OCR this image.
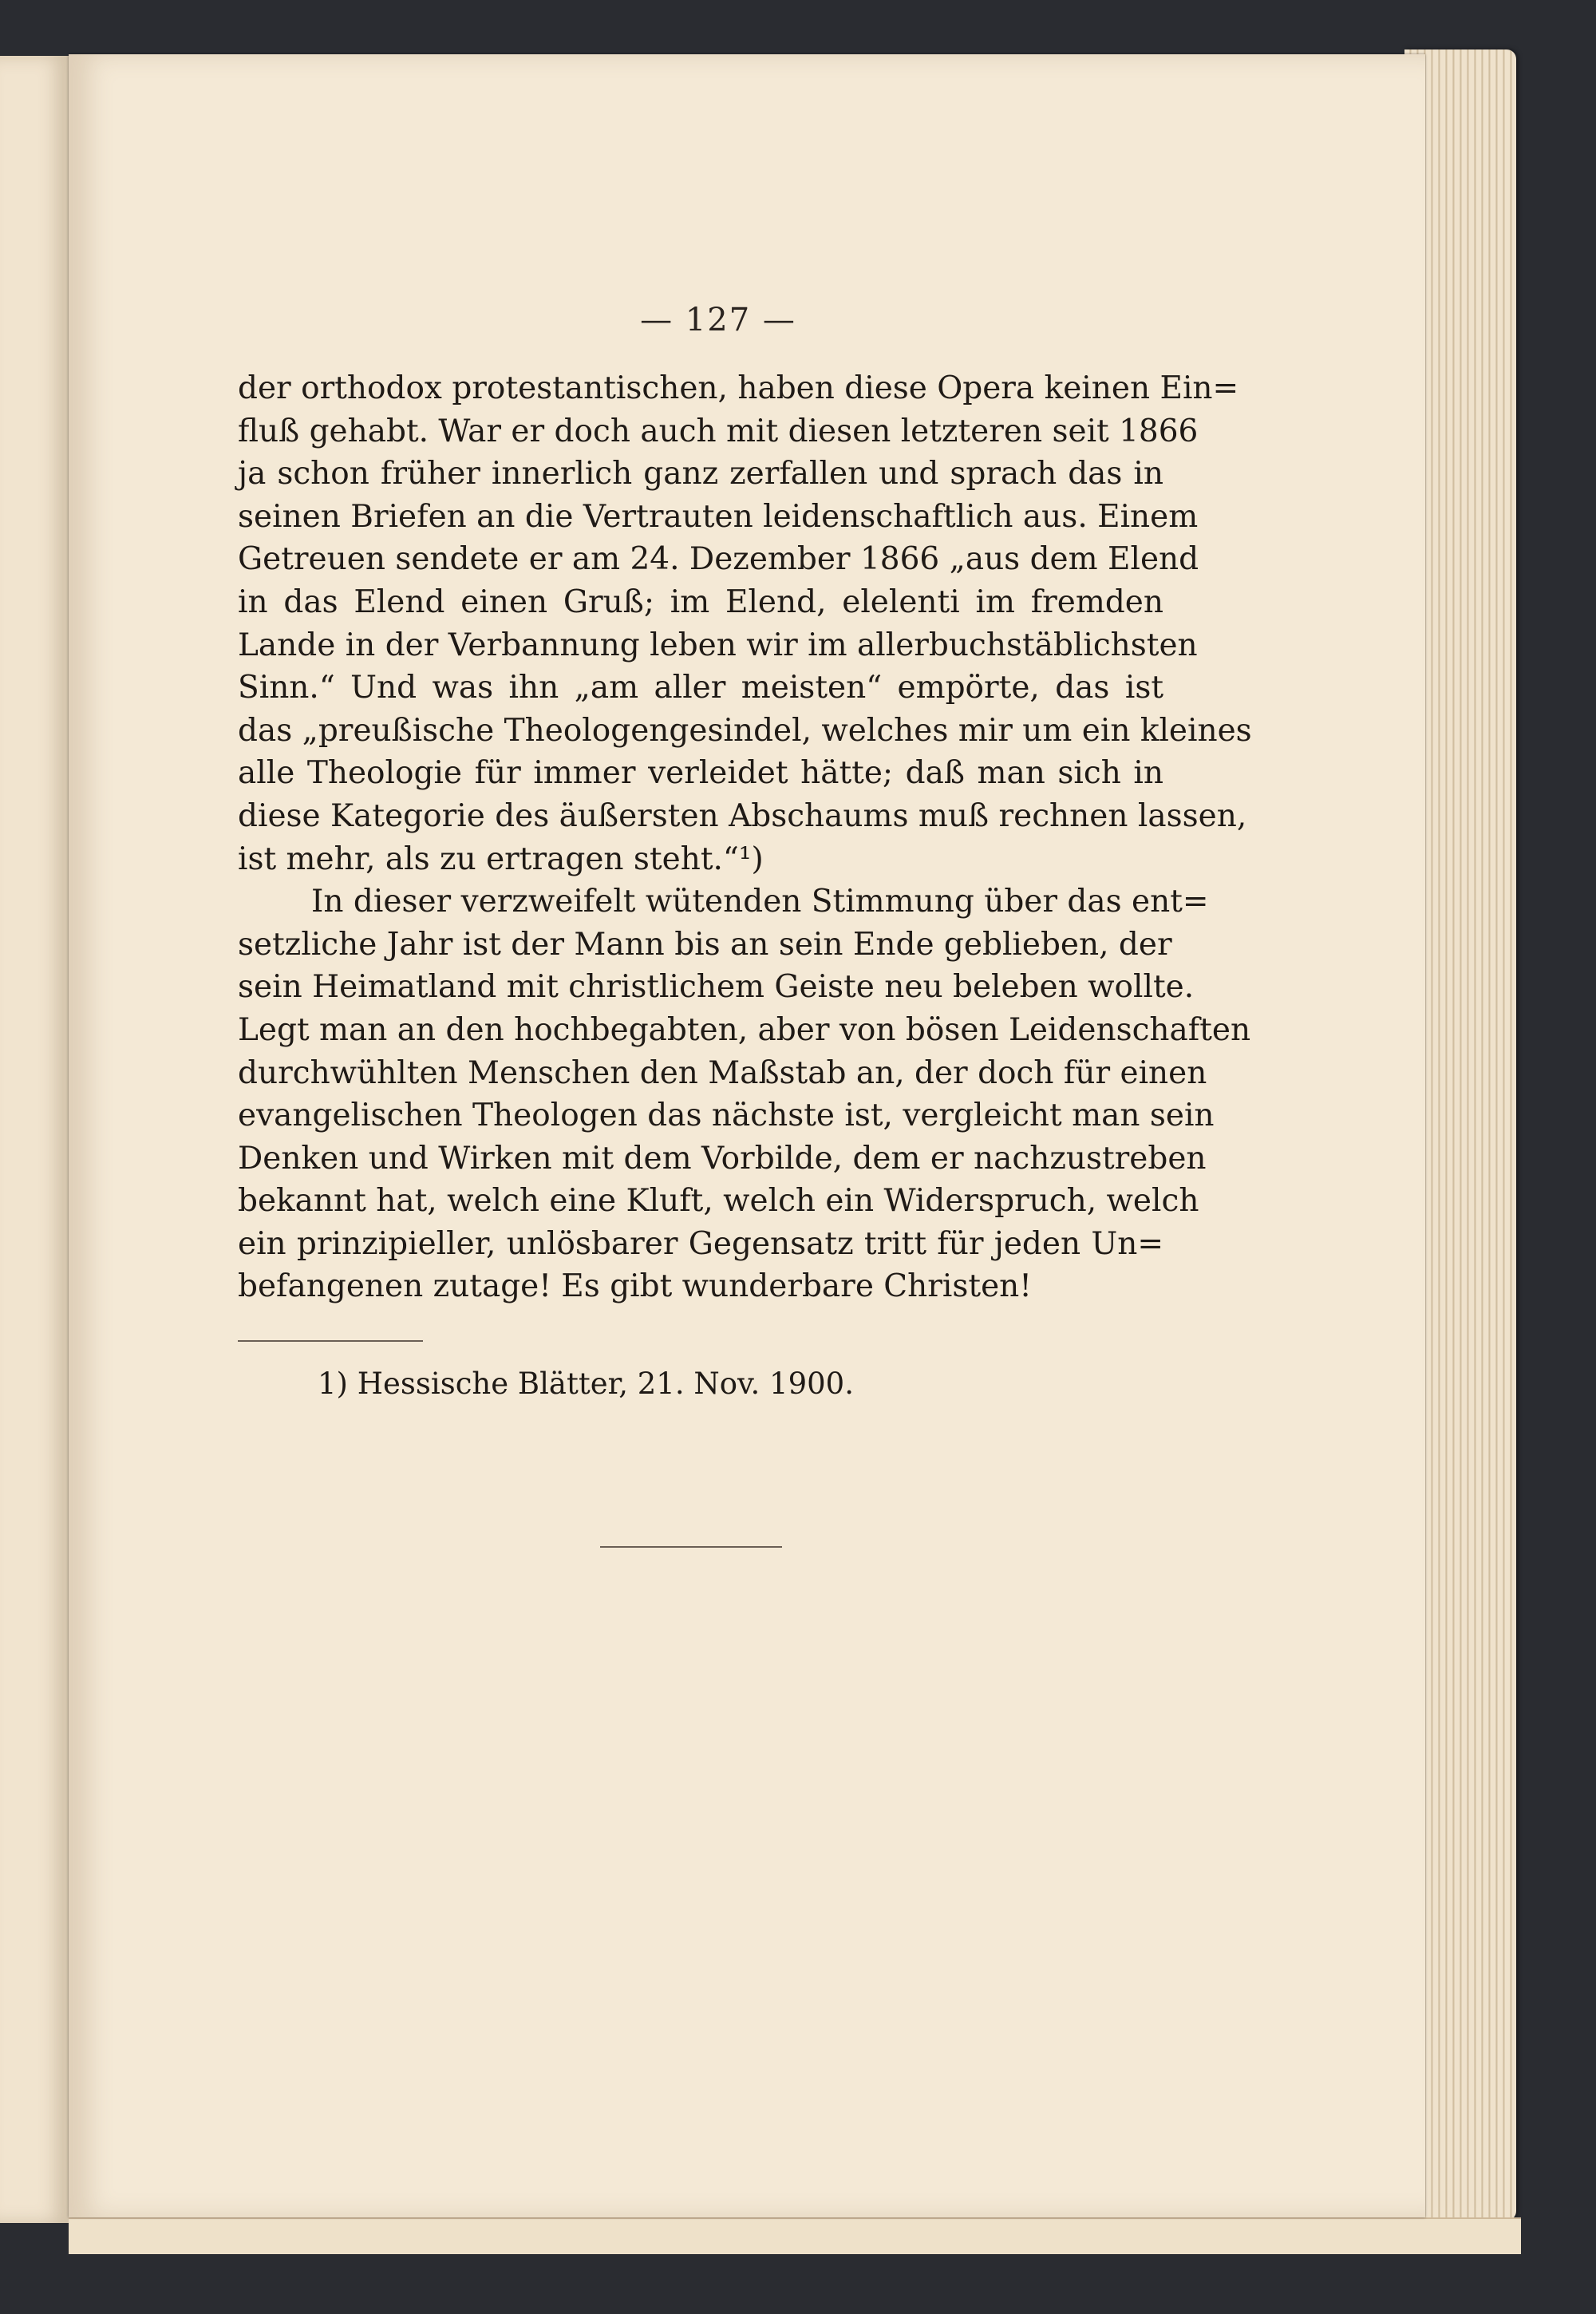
— 127 —
der orthodox protestantischen, haben diese Opera keinen Ein=
fluß gehabt. War er doch auch mit diesen letzteren seit 1866
ja schon früher innerlich ganz zerfallen und sprach das in
seinen Briefen an die Vertrauten leidenschaftlich aus. Einem
Getreuen sendete er am 24. Dezember 1866 „aus dem Elend
in das Elend einen Gruß; im Elend, elelenti im fremden
Lande in der Verbannung leben wir im allerbuchstäblichsten
Sinn.“ Und was ihn „am aller meisten“ empörte, das ist
das „preußische Theologengesindel, welches mir um ein kleines
alle Theologie für immer verleidet hätte; daß man sich in
diese Kategorie des äußersten Abschaums muß rechnen lassen,
ist mehr, als zu ertragen steht.“¹)
In dieser verzweifelt wütenden Stimmung über das ent=
setzliche Jahr ist der Mann bis an sein Ende geblieben, der
sein Heimatland mit christlichem Geiste neu beleben wollte.
Legt man an den hochbegabten, aber von bösen Leidenschaften
durchwühlten Menschen den Maßstab an, der doch für einen
evangelischen Theologen das nächste ist, vergleicht man sein
Denken und Wirken mit dem Vorbilde, dem er nachzustreben
bekannt hat, welch eine Kluft, welch ein Widerspruch, welch
ein prinzipieller, unlösbarer Gegensatz tritt für jeden Un=
befangenen zutage! Es gibt wunderbare Christen!
1) Hessische Blätter, 21. Nov. 1900.
